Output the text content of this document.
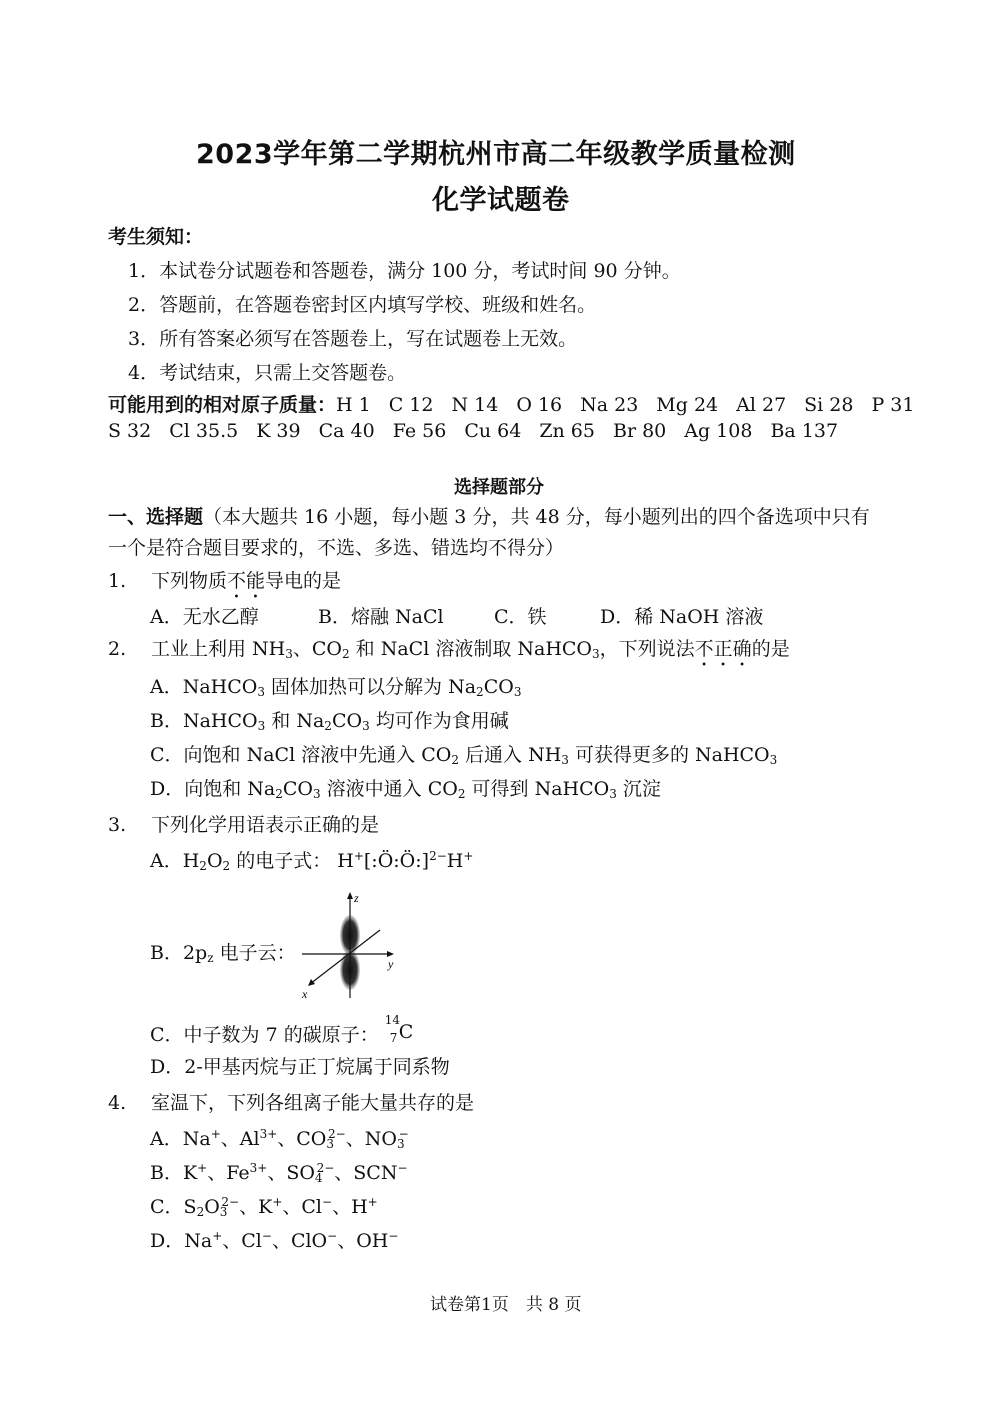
2023学年第二学期杭州市高二年级教学质量检测
化学试题卷
考生须知：
1．本试卷分试题卷和答题卷，满分 100 分，考试时间 90 分钟。
2．答题前，在答题卷密封区内填写学校、班级和姓名。
3．所有答案必须写在答题卷上，写在试题卷上无效。
4．考试结束，只需上交答题卷。
可能用到的相对原子质量：H 1 C 12 N 14 O 16 Na 23 Mg 24 Al 27 Si 28 P 31
S 32 Cl 35.5 K 39 Ca 40 Fe 56 Cu 64 Zn 65 Br 80 Ag 108 Ba 137
选择题部分
一、选择题（本大题共 16 小题，每小题 3 分，共 48 分，每小题列出的四个备选项中只有
一个是符合题目要求的，不选、多选、错选均不得分）
1. 下列物质不能导电的是
A．无水乙醇	B．熔融 NaCl	C．铁	D．稀 NaOH 溶液
2. 工业上利用 $NH_3$、$CO_2$ 和 NaCl 溶液制取 NaHCO$_3$，下列说法不正确的是
A．NaHCO$_3$ 固体加热可以分解为 $Na_2CO_3$
B．NaHCO$_3$ 和 $Na_2CO_3$ 均可作为食用碱
C．向饱和 NaCl 溶液中先通入 $CO_2$ 后通入 $NH_3$ 可获得更多的 NaHCO$_3$
D．向饱和 $Na_2CO_3$ 溶液中通入 $CO_2$ 可得到 NaHCO$_3$ 沉淀
3. 下列化学用语表示正确的是
A．$H_2O_2$ 的电子式： H+[:Ö:Ö:]$^{2-}$H+
B．$2p_z$ 电子云：
z
y
x
C．中子数为 7 的碳原子：
14
7 C
D．2-甲基丙烷与正丁烷属于同系物
4. 室温下，下列各组离子能大量共存的是
A．Na+、$Al^{3+}$、$CO_3^{2-}$、$NO_3^-$
B．K+、$Fe^{3+}$、$SO_4^{2-}$、SCN−
C．$S_2O_3^{2-}$、K+、Cl−、H+
D．Na+、Cl−、ClO−、OH−
试卷第1页　共 8 页
